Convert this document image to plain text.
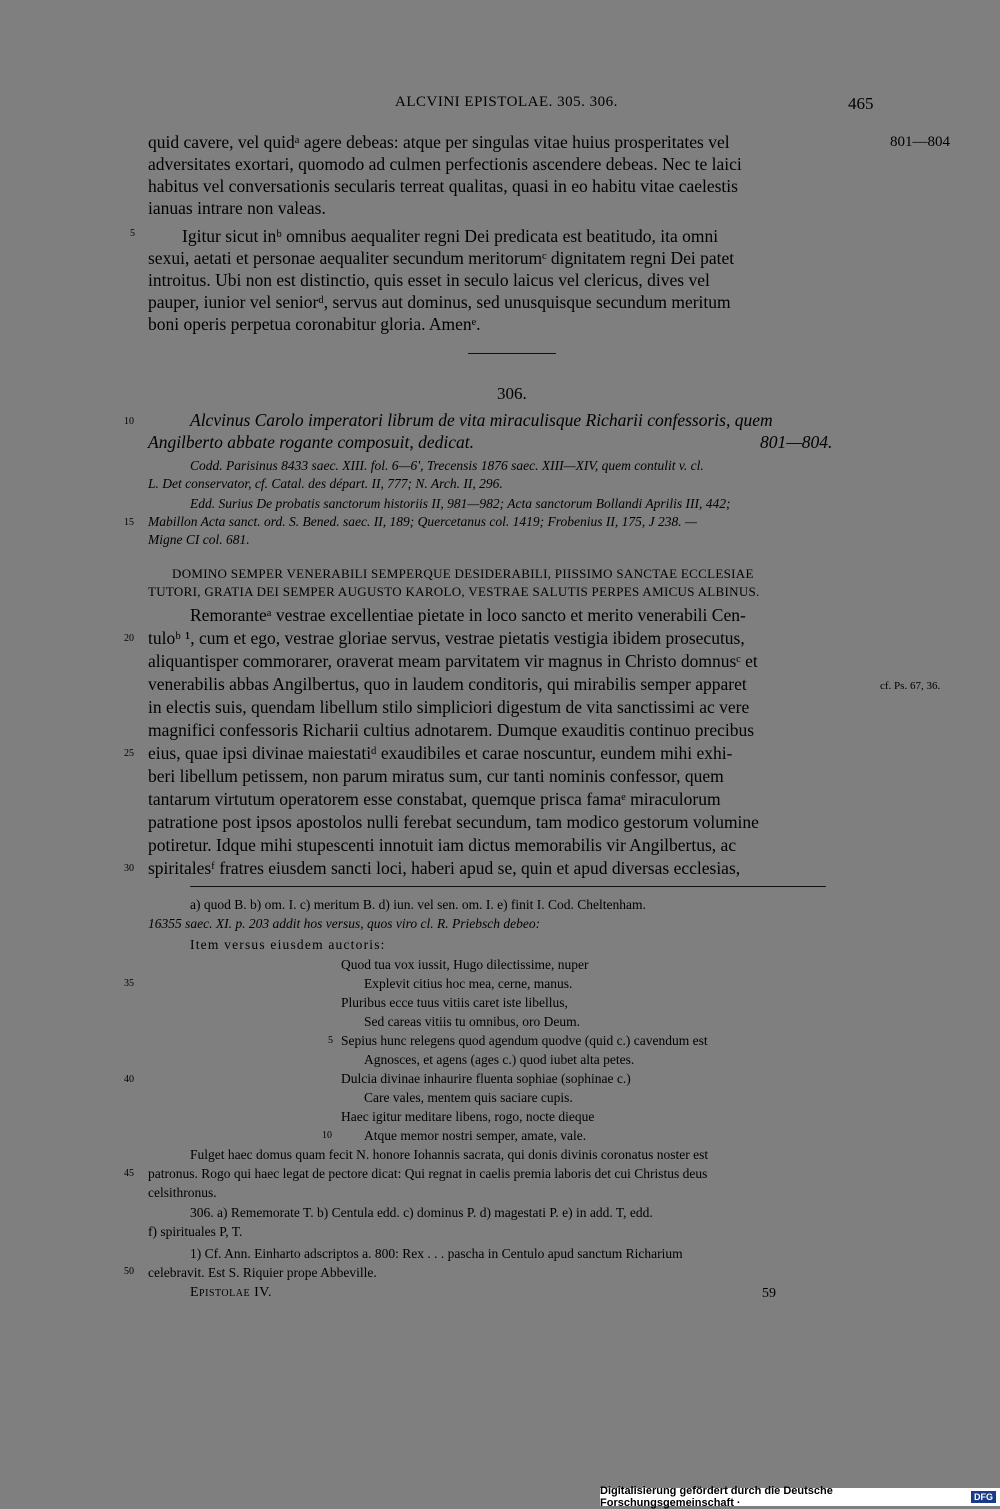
ALCVINI EPISTOLAE. 305. 306.	465
quid cavere, vel quidᵃ agere debeas: atque per singulas vitae huius prosperitates vel
adversitates exortari, quomodo ad culmen perfectionis ascendere debeas. Nec te laici
habitus vel conversationis secularis terreat qualitas, quasi in eo habitu vitae caelestis
ianuas intrare non valeas.
Igitur sicut inᵇ omnibus aequaliter regni Dei predicata est beatitudo, ita omni
sexui, aetati et personae aequaliter secundum meritorumᶜ dignitatem regni Dei patet
introitus. Ubi non est distinctio, quis esset in seculo laicus vel clericus, dives vel
pauper, iunior vel seniorᵈ, servus aut dominus, sed unusquisque secundum meritum
boni operis perpetua coronabitur gloria. Amenᵉ.
801—804
5
306.
Alcvinus Carolo imperatori librum de vita miraculisque Richarii confessoris, quem
Angilberto abbate rogante composuit, dedicat.	801—804.
Codd. Parisinus 8433 saec. XIII. fol. 6—6', Trecensis 1876 saec. XIII—XIV, quem contulit v. cl.
L. Det conservator, cf. Catal. des départ. II, 777; N. Arch. II, 296.
Edd. Surius De probatis sanctorum historiis II, 981—982; Acta sanctorum Bollandi Aprilis III, 442;
Mabillon Acta sanct. ord. S. Bened. saec. II, 189; Quercetanus col. 1419; Frobenius II, 175, J 238. —
Migne CI col. 681.
DOMINO SEMPER VENERABILI SEMPERQUE DESIDERABILI, PIISSIMO SANCTAE ECCLESIAE
TUTORI, GRATIA DEI SEMPER AUGUSTO KAROLO, VESTRAE SALUTIS PERPES AMICUS ALBINUS.
Remoranteᵃ vestrae excellentiae pietate in loco sancto et merito venerabili Cen-
tuloᵇ ¹, cum et ego, vestrae gloriae servus, vestrae pietatis vestigia ibidem prosecutus,
aliquantisper commorarer, oraverat meam parvitatem vir magnus in Christo domnusᶜ et
venerabilis abbas Angilbertus, quo in laudem conditoris, qui mirabilis semper apparet
in electis suis, quendam libellum stilo simpliciori digestum de vita sanctissimi ac vere
magnifici confessoris Richarii cultius adnotarem. Dumque exauditis continuo precibus
eius, quae ipsi divinae maiestatiᵈ exaudibiles et carae noscuntur, eundem mihi exhi-
beri libellum petissem, non parum miratus sum, cur tanti nominis confessor, quem
tantarum virtutum operatorem esse constabat, quemque prisca famaᵉ miraculorum
patratione post ipsos apostolos nulli ferebat secundum, tam modico gestorum volumine
potiretur. Idque mihi stupescenti innotuit iam dictus memorabilis vir Angilbertus, ac
spiritalesᶠ fratres eiusdem sancti loci, haberi apud se, quin et apud diversas ecclesias,
cf. Ps. 67, 36.
10
15
20
25
30
35
40
45
50
a) quod B. b) om. I. c) meritum B. d) iun. vel sen. om. I. e) finit I. Cod. Cheltenham.
16355 saec. XI. p. 203 addit hos versus, quos viro cl. R. Priebsch debeo:
Item versus eiusdem auctoris:
Quod tua vox iussit, Hugo dilectissime, nuper
Explevit citius hoc mea, cerne, manus.
Pluribus ecce tuus vitiis caret iste libellus,
Sed careas vitiis tu omnibus, oro Deum.
5 Sepius hunc relegens quod agendum quodve (quid c.) cavendum est
Agnosces, et agens (ages c.) quod iubet alta petes.
Dulcia divinae inhaurire fluenta sophiae (sophinae c.)
Care vales, mentem quis saciare cupis.
Haec igitur meditare libens, rogo, nocte dieque
10 Atque memor nostri semper, amate, vale.
Fulget haec domus quam fecit N. honore Iohannis sacrata, qui donis divinis coronatus noster est
patronus. Rogo qui haec legat de pectore dicat: Qui regnat in caelis premia laboris det cui Christus deus
celsithronus.
306. a) Rememorate T. b) Centula edd. c) dominus P. d) magestati P. e) in add. T, edd.
f) spirituales P, T.
1) Cf. Ann. Einharto adscriptos a. 800: Rex . . . pascha in Centulo apud sanctum Richarium
celebravit. Est S. Riquier prope Abbeville.
Epistolae IV.	59
Digitalisierung gefördert durch die Deutsche Forschungsgemeinschaft ·	DFG
